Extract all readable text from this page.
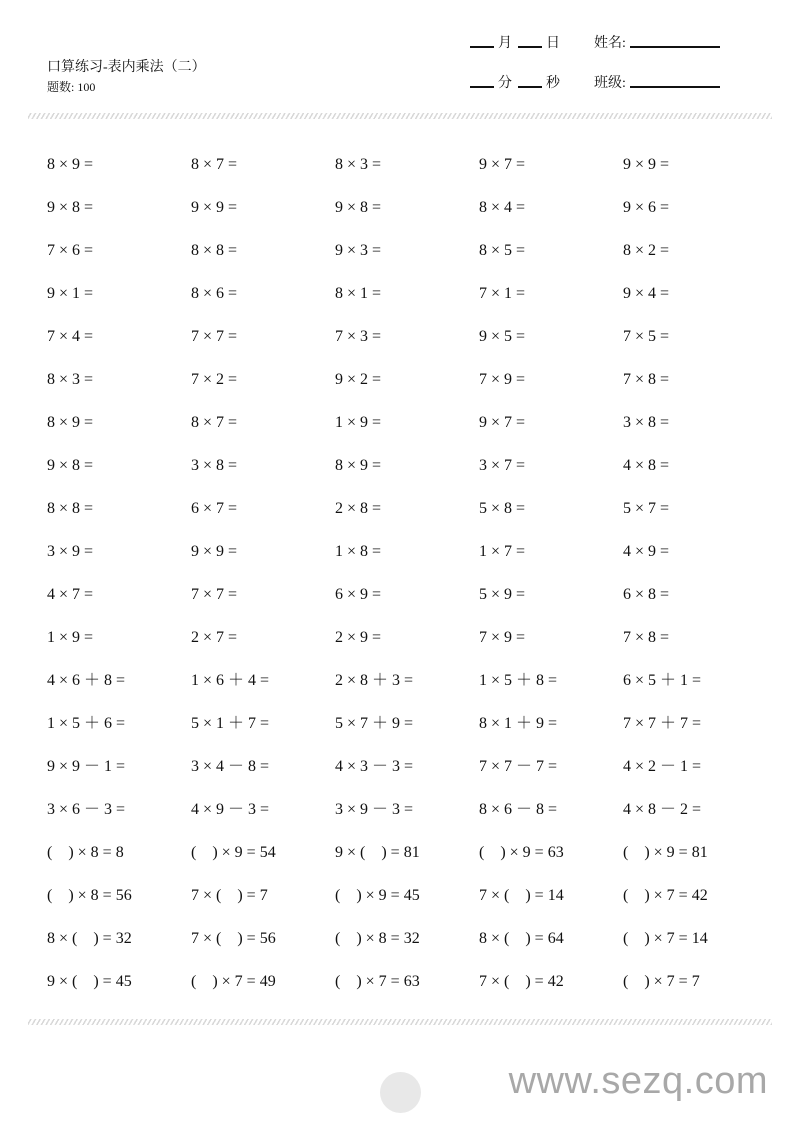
口算练习-表内乘法（二）
题数: 100
月 日 姓名:
分 秒 班级:
8 × 9 =	8 × 7 =	8 × 3 =	9 × 7 =	9 × 9 =
9 × 8 =	9 × 9 =	9 × 8 =	8 × 4 =	9 × 6 =
7 × 6 =	8 × 8 =	9 × 3 =	8 × 5 =	8 × 2 =
9 × 1 =	8 × 6 =	8 × 1 =	7 × 1 =	9 × 4 =
7 × 4 =	7 × 7 =	7 × 3 =	9 × 5 =	7 × 5 =
8 × 3 =	7 × 2 =	9 × 2 =	7 × 9 =	7 × 8 =
8 × 9 =	8 × 7 =	1 × 9 =	9 × 7 =	3 × 8 =
9 × 8 =	3 × 8 =	8 × 9 =	3 × 7 =	4 × 8 =
8 × 8 =	6 × 7 =	2 × 8 =	5 × 8 =	5 × 7 =
3 × 9 =	9 × 9 =	1 × 8 =	1 × 7 =	4 × 9 =
4 × 7 =	7 × 7 =	6 × 9 =	5 × 9 =	6 × 8 =
1 × 9 =	2 × 7 =	2 × 9 =	7 × 9 =	7 × 8 =
4 × 6 ＋ 8 =	1 × 6 ＋ 4 =	2 × 8 ＋ 3 =	1 × 5 ＋ 8 =	6 × 5 ＋ 1 =
1 × 5 ＋ 6 =	5 × 1 ＋ 7 =	5 × 7 ＋ 9 =	8 × 1 ＋ 9 =	7 × 7 ＋ 7 =
9 × 9 － 1 =	3 × 4 － 8 =	4 × 3 － 3 =	7 × 7 － 7 =	4 × 2 － 1 =
3 × 6 － 3 =	4 × 9 － 3 =	3 × 9 － 3 =	8 × 6 － 8 =	4 × 8 － 2 =
(    ) × 8 = 8	(    ) × 9 = 54	9 × (    ) = 81	(    ) × 9 = 63	(    ) × 9 = 81
(    ) × 8 = 56	7 × (    ) = 7	(    ) × 9 = 45	7 × (    ) = 14	(    ) × 7 = 42
8 × (    ) = 32	7 × (    ) = 56	(    ) × 8 = 32	8 × (    ) = 64	(    ) × 7 = 14
9 × (    ) = 45	(    ) × 7 = 49	(    ) × 7 = 63	7 × (    ) = 42	(    ) × 7 = 7
www.sezq.com
